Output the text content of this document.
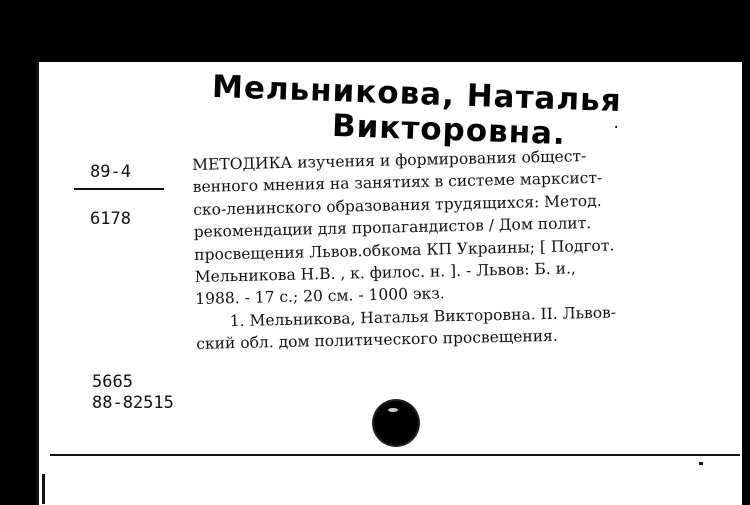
Мельникова, Наталья
Викторовна.	·
89-4
6178
МЕТОДИКА изучения и формирования общест-
венного мнения на занятиях в системе марксист-
ско-ленинского образования трудящихся: Метод.
рекомендации для пропагандистов / Дом полит.
просвещения Львов.обкома КП Украины; [ Подгот.
Мельникова Н.В. , к. филос. н. ]. - Львов: Б. и.,
1988. - 17 с.; 20 см. - 1000 экз.
1. Мельникова, Наталья Викторовна. II. Львов-
ский обл. дом политического просвещения.
5665
88-82515
